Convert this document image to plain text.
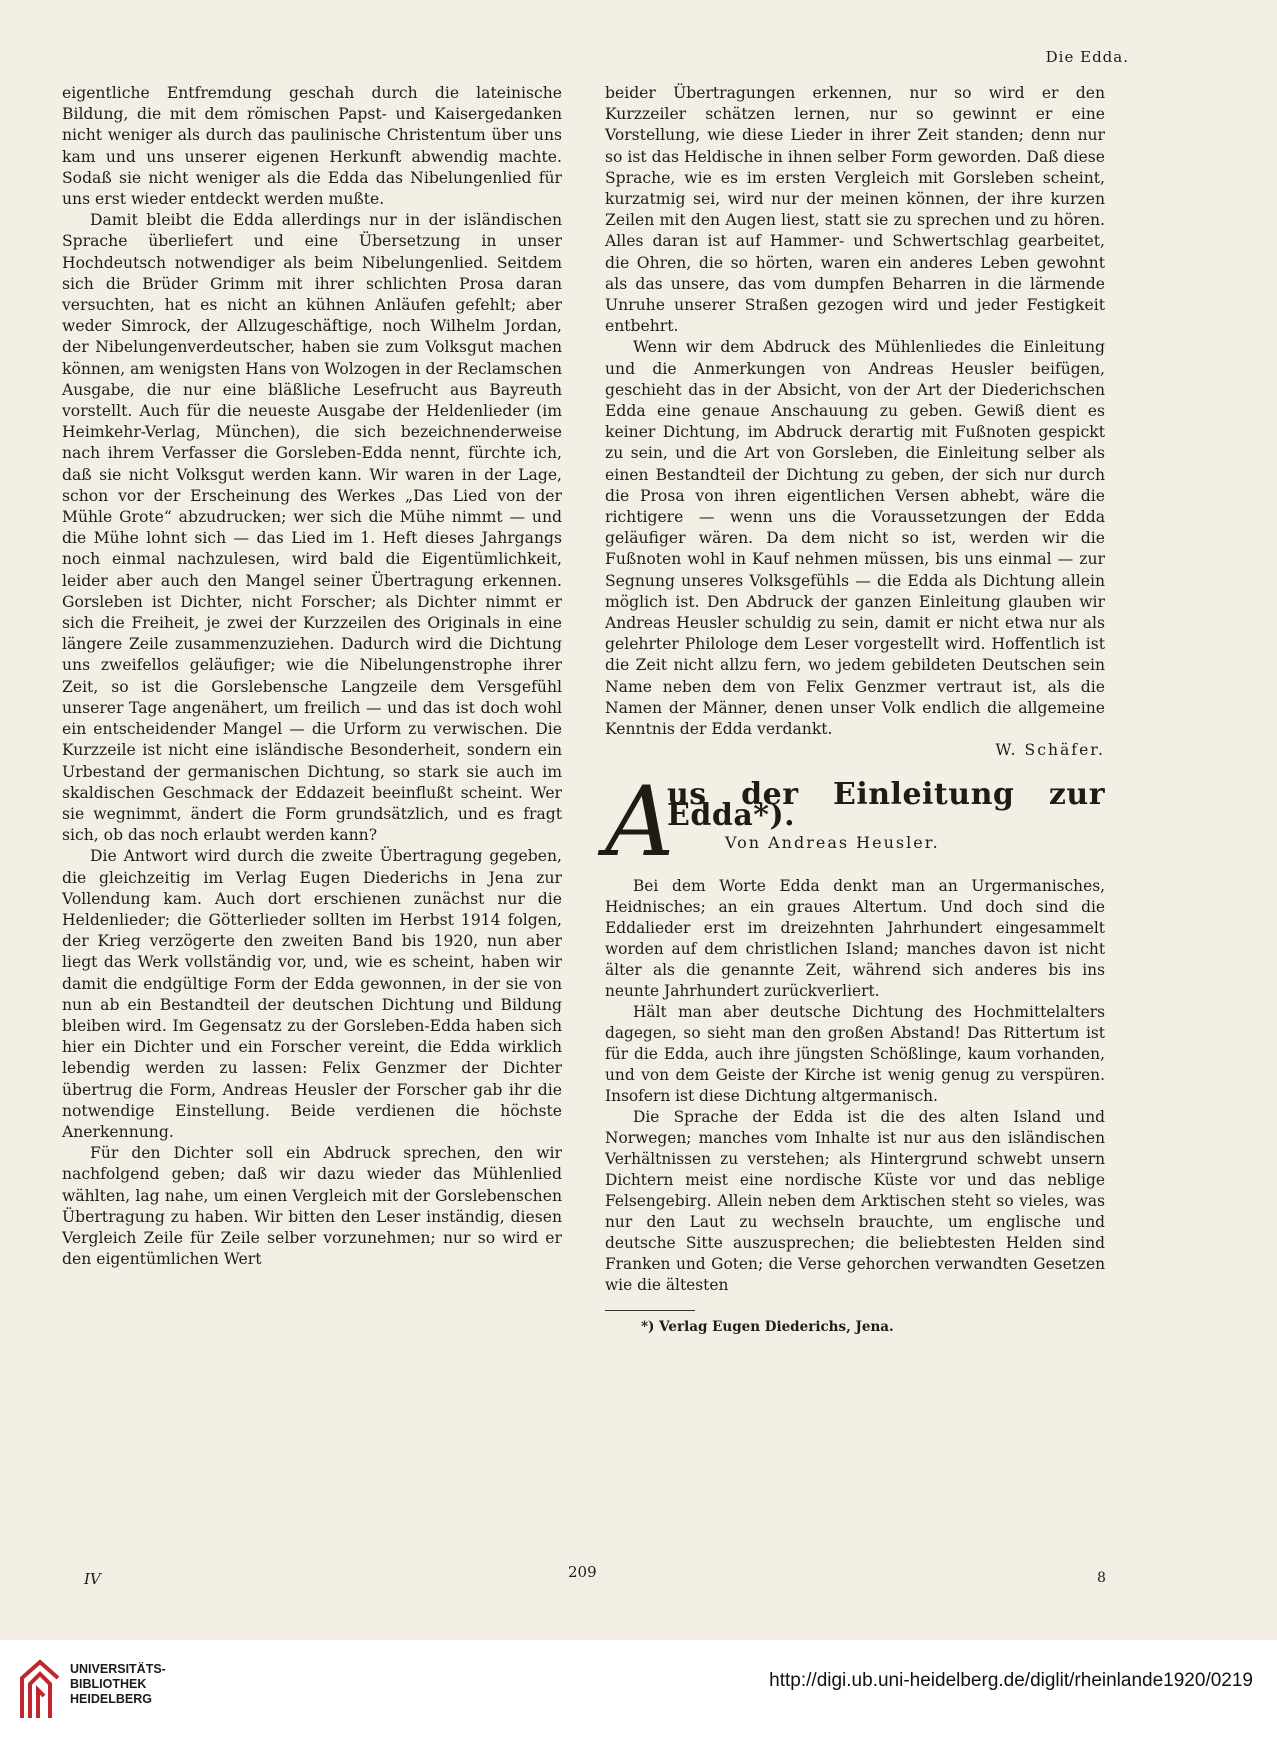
Die Edda.

eigentliche Entfremdung geschah durch die lateinische Bildung, die mit dem römischen Papst- und Kaisergedanken nicht weniger als durch das paulinische Christentum über uns kam und uns unserer eigenen Herkunft abwendig machte. Sodaß sie nicht weniger als die Edda das Nibelungenlied für uns erst wieder entdeckt werden mußte.

Damit bleibt die Edda allerdings nur in der isländischen Sprache überliefert und eine Übersetzung in unser Hochdeutsch notwendiger als beim Nibelungenlied. Seitdem sich die Brüder Grimm mit ihrer schlichten Prosa daran versuchten, hat es nicht an kühnen Anläufen gefehlt; aber weder Simrock, der Allzugeschäftige, noch Wilhelm Jordan, der Nibelungenverdeutscher, haben sie zum Volksgut machen können, am wenigsten Hans von Wolzogen in der Reclamschen Ausgabe, die nur eine bläßliche Lesefrucht aus Bayreuth vorstellt. Auch für die neueste Ausgabe der Heldenlieder (im Heimkehr-Verlag, München), die sich bezeichnenderweise nach ihrem Verfasser die Gorsleben-Edda nennt, fürchte ich, daß sie nicht Volksgut werden kann. Wir waren in der Lage, schon vor der Erscheinung des Werkes „Das Lied von der Mühle Grote“ abzudrucken; wer sich die Mühe nimmt — und die Mühe lohnt sich — das Lied im 1. Heft dieses Jahrgangs noch einmal nachzulesen, wird bald die Eigentümlichkeit, leider aber auch den Mangel seiner Übertragung erkennen. Gorsleben ist Dichter, nicht Forscher; als Dichter nimmt er sich die Freiheit, je zwei der Kurzzeilen des Originals in eine längere Zeile zusammenzuziehen. Dadurch wird die Dichtung uns zweifellos geläufiger; wie die Nibelungenstrophe ihrer Zeit, so ist die Gorslebensche Langzeile dem Versgefühl unserer Tage angenähert, um freilich — und das ist doch wohl ein entscheidender Mangel — die Urform zu verwischen. Die Kurzzeile ist nicht eine isländische Besonderheit, sondern ein Urbestand der germanischen Dichtung, so stark sie auch im skaldischen Geschmack der Eddazeit beeinflußt scheint. Wer sie wegnimmt, ändert die Form grundsätzlich, und es fragt sich, ob das noch erlaubt werden kann?

Die Antwort wird durch die zweite Übertragung gegeben, die gleichzeitig im Verlag Eugen Diederichs in Jena zur Vollendung kam. Auch dort erschienen zunächst nur die Heldenlieder; die Götterlieder sollten im Herbst 1914 folgen, der Krieg verzögerte den zweiten Band bis 1920, nun aber liegt das Werk vollständig vor, und, wie es scheint, haben wir damit die endgültige Form der Edda gewonnen, in der sie von nun ab ein Bestandteil der deutschen Dichtung und Bildung bleiben wird. Im Gegensatz zu der Gorsleben-Edda haben sich hier ein Dichter und ein Forscher vereint, die Edda wirklich lebendig werden zu lassen: Felix Genzmer der Dichter übertrug die Form, Andreas Heusler der Forscher gab ihr die notwendige Einstellung. Beide verdienen die höchste Anerkennung.

Für den Dichter soll ein Abdruck sprechen, den wir nachfolgend geben; daß wir dazu wieder das Mühlenlied wählten, lag nahe, um einen Vergleich mit der Gorslebenschen Übertragung zu haben. Wir bitten den Leser inständig, diesen Vergleich Zeile für Zeile selber vorzunehmen; nur so wird er den eigentümlichen Wert

beider Übertragungen erkennen, nur so wird er den Kurzzeiler schätzen lernen, nur so gewinnt er eine Vorstellung, wie diese Lieder in ihrer Zeit standen; denn nur so ist das Heldische in ihnen selber Form geworden. Daß diese Sprache, wie es im ersten Vergleich mit Gorsleben scheint, kurzatmig sei, wird nur der meinen können, der ihre kurzen Zeilen mit den Augen liest, statt sie zu sprechen und zu hören. Alles daran ist auf Hammer- und Schwertschlag gearbeitet, die Ohren, die so hörten, waren ein anderes Leben gewohnt als das unsere, das vom dumpfen Beharren in die lärmende Unruhe unserer Straßen gezogen wird und jeder Festigkeit entbehrt.

Wenn wir dem Abdruck des Mühlenliedes die Einleitung und die Anmerkungen von Andreas Heusler beifügen, geschieht das in der Absicht, von der Art der Diederichschen Edda eine genaue Anschauung zu geben. Gewiß dient es keiner Dichtung, im Abdruck derartig mit Fußnoten gespickt zu sein, und die Art von Gorsleben, die Einleitung selber als einen Bestandteil der Dichtung zu geben, der sich nur durch die Prosa von ihren eigentlichen Versen abhebt, wäre die richtigere — wenn uns die Voraussetzungen der Edda geläufiger wären. Da dem nicht so ist, werden wir die Fußnoten wohl in Kauf nehmen müssen, bis uns einmal — zur Segnung unseres Volksgefühls — die Edda als Dichtung allein möglich ist. Den Abdruck der ganzen Einleitung glauben wir Andreas Heusler schuldig zu sein, damit er nicht etwa nur als gelehrter Philologe dem Leser vorgestellt wird. Hoffentlich ist die Zeit nicht allzu fern, wo jedem gebildeten Deutschen sein Name neben dem von Felix Genzmer vertraut ist, als die Namen der Männer, denen unser Volk endlich die allgemeine Kenntnis der Edda verdankt.

W. Schäfer.
A
us der Einleitung zur Edda*).
Von Andreas Heusler.

Bei dem Worte Edda denkt man an Urgermanisches, Heidnisches; an ein graues Altertum. Und doch sind die Eddalieder erst im dreizehnten Jahrhundert eingesammelt worden auf dem christlichen Island; manches davon ist nicht älter als die genannte Zeit, während sich anderes bis ins neunte Jahrhundert zurückverliert.

Hält man aber deutsche Dichtung des Hochmittelalters dagegen, so sieht man den großen Abstand! Das Rittertum ist für die Edda, auch ihre jüngsten Schößlinge, kaum vorhanden, und von dem Geiste der Kirche ist wenig genug zu verspüren. Insofern ist diese Dichtung altgermanisch.

Die Sprache der Edda ist die des alten Island und Norwegen; manches vom Inhalte ist nur aus den isländischen Verhältnissen zu verstehen; als Hintergrund schwebt unsern Dichtern meist eine nordische Küste vor und das neblige Felsengebirg. Allein neben dem Arktischen steht so vieles, was nur den Laut zu wechseln brauchte, um englische und deutsche Sitte auszusprechen; die beliebtesten Helden sind Franken und Goten; die Verse gehorchen verwandten Gesetzen wie die ältesten

*) Verlag Eugen Diederichs, Jena.
IV	209	8
UNIVERSITÄTS-
BIBLIOTHEK
HEIDELBERG
http://digi.ub.uni-heidelberg.de/diglit/rheinlande1920/0219
